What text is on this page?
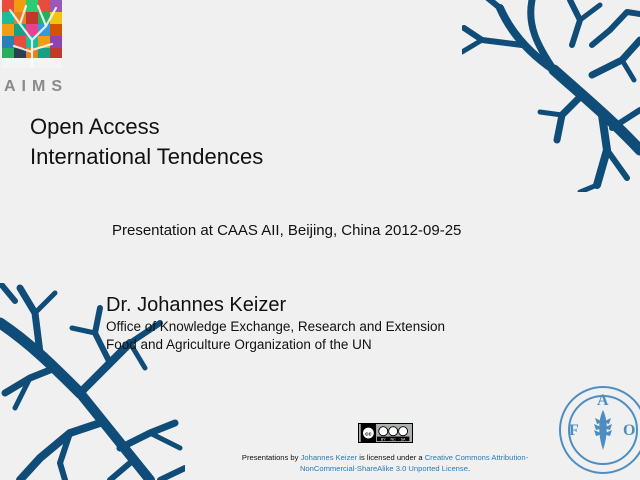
AIMS
Open Access
International Tendences
Presentation at CAAS AII, Beijing, China 2012-09-25
Dr. Johannes Keizer
Office of Knowledge Exchange, Research and Extension
Food and Agriculture Organization of the UN
cc
BY NC SA
Presentations by Johannes Keizer is licensed under a Creative Commons Attribution-
NonCommercial-ShareAlike 3.0 Unported License.
F
A
O
